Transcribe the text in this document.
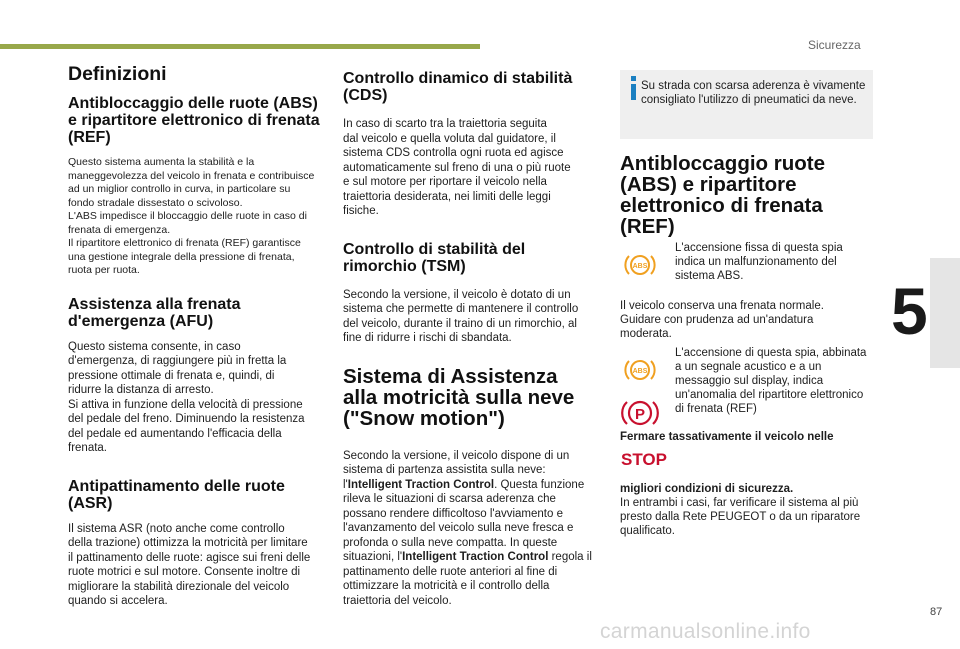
Sicurezza
5
87
carmanualsonline.info
Definizioni
Antibloccaggio delle ruote (ABS) e ripartitore elettronico di frenata (REF)

Questo sistema aumenta la stabilità e la
maneggevolezza del veicolo in frenata e contribuisce
ad un miglior controllo in curva, in particolare su
fondo stradale dissestato o scivoloso.
L'ABS impedisce il bloccaggio delle ruote in caso di
frenata di emergenza.
Il ripartitore elettronico di frenata (REF) garantisce
una gestione integrale della pressione di frenata,
ruota per ruota.

Assistenza alla frenata d'emergenza (AFU)

Questo sistema consente, in caso
d'emergenza, di raggiungere più in fretta la
pressione ottimale di frenata e, quindi, di
ridurre la distanza di arresto.
Si attiva in funzione della velocità di pressione
del pedale del freno. Diminuendo la resistenza
del pedale ed aumentando l'efficacia della
frenata.

Antipattinamento delle ruote (ASR)

Il sistema ASR (noto anche come controllo
della trazione) ottimizza la motricità per limitare
il pattinamento delle ruote: agisce sui freni delle
ruote motrici e sul motore. Consente inoltre di
migliorare la stabilità direzionale del veicolo
quando si accelera.

Controllo dinamico di stabilità (CDS)

In caso di scarto tra la traiettoria seguita
dal veicolo e quella voluta dal guidatore, il
sistema CDS controlla ogni ruota ed agisce
automaticamente sul freno di una o più ruote
e sul motore per riportare il veicolo nella
traiettoria desiderata, nei limiti delle leggi
fisiche.

Controllo di stabilità del rimorchio (TSM)

Secondo la versione, il veicolo è dotato di un
sistema che permette di mantenere il controllo
del veicolo, durante il traino di un rimorchio, al
fine di ridurre i rischi di sbandata.

Sistema di Assistenza alla motricità sulla neve ("Snow motion")

Secondo la versione, il veicolo dispone di un sistema di partenza assistita sulla neve: l'Intelligent Traction Control. Questa funzione rileva le situazioni di scarsa aderenza che possano rendere difficoltoso l'avviamento e l'avanzamento del veicolo sulla neve fresca e profonda o sulla neve compatta. In queste situazioni, l'Intelligent Traction Control regola il pattinamento delle ruote anteriori al fine di ottimizzare la motricità e il controllo della traiettoria del veicolo.

Su strada con scarsa aderenza è vivamente consigliato l'utilizzo di pneumatici da neve.
Antibloccaggio ruote (ABS) e ripartitore elettronico di frenata (REF)
ABS
L'accensione fissa di questa spia indica un malfunzionamento del sistema ABS.
Il veicolo conserva una frenata normale. Guidare con prudenza ad un'andatura moderata.
ABS
P
L'accensione di questa spia, abbinata a un segnale acustico e a un messaggio sul display, indica un'anomalia del ripartitore elettronico di frenata (REF)
Fermare tassativamente il veicolo nelle
STOP
migliori condizioni di sicurezza.
In entrambi i casi, far verificare il sistema al più presto dalla Rete PEUGEOT o da un riparatore qualificato.
